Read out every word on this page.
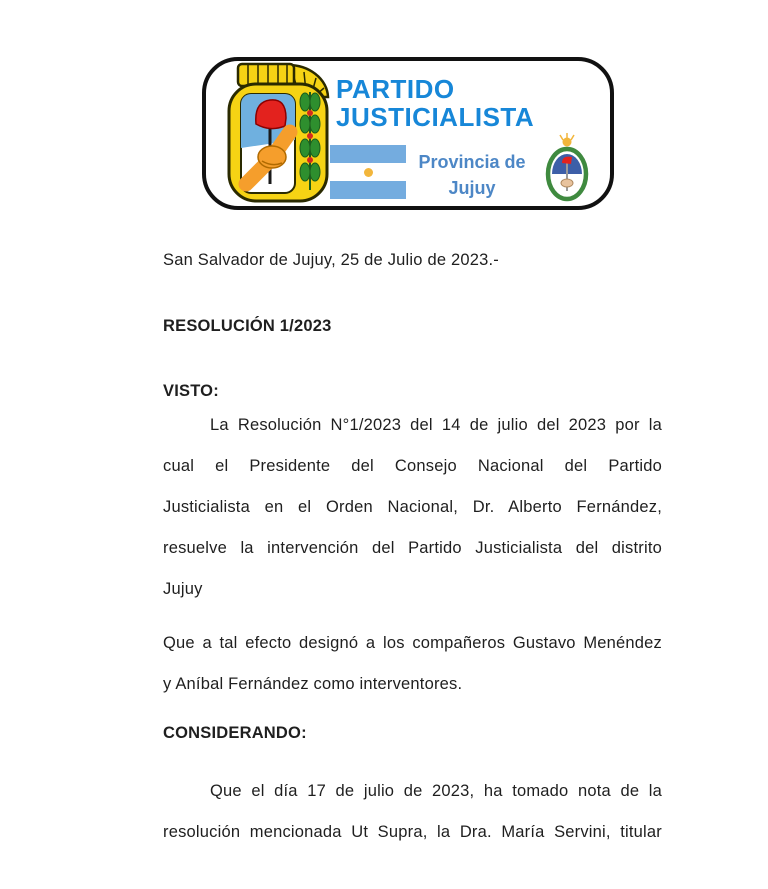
PARTIDO
JUSTICIALISTA
Provincia de
Jujuy
San Salvador de Jujuy, 25 de Julio de 2023.-
RESOLUCIÓN 1/2023
VISTO:
La Resolución N°1/2023 del 14 de julio del 2023 por la
cual el Presidente del Consejo Nacional del Partido
Justicialista en el Orden Nacional, Dr. Alberto Fernández,
resuelve la intervención del Partido Justicialista del distrito
Jujuy
Que a tal efecto designó a los compañeros Gustavo Menéndez
y Aníbal Fernández como interventores.
CONSIDERANDO:
Que el día 17 de julio de 2023, ha tomado nota de la
resolución mencionada Ut Supra, la Dra. María Servini, titular
